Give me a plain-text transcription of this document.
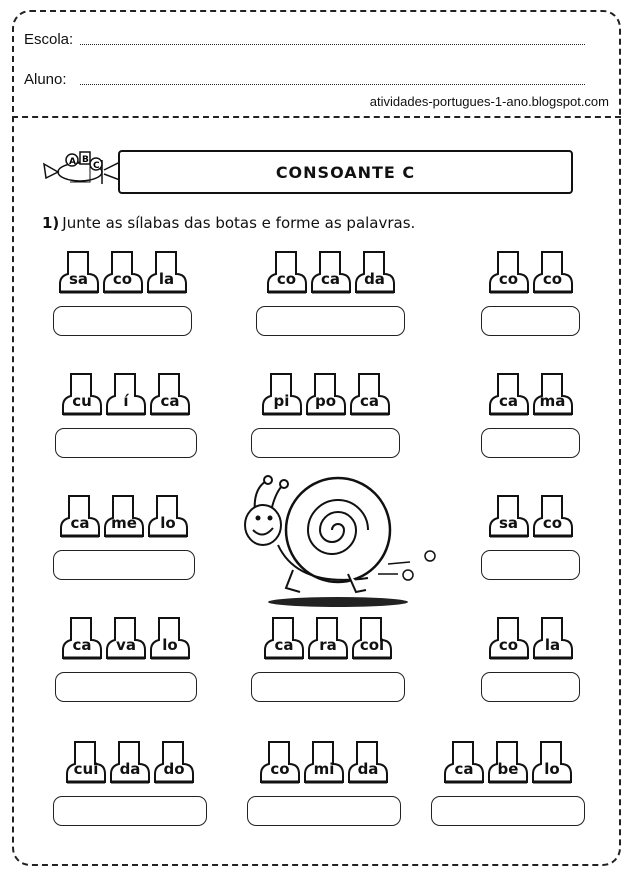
Escola:
Aluno:
atividades-portugues-1-ano.blogspot.com
A B
C	CONSOANTE C
1) Junte as sílabas das botas e forme as palavras.
sa	co	la	co	ca	da	co	co
cu	í	ca	pi	po	ca	ca	ma
ca	me	lo	sa	co
ca	va	lo	ca	ra	col	co	la
cui	da	do	co	mi	da	ca	be	lo
